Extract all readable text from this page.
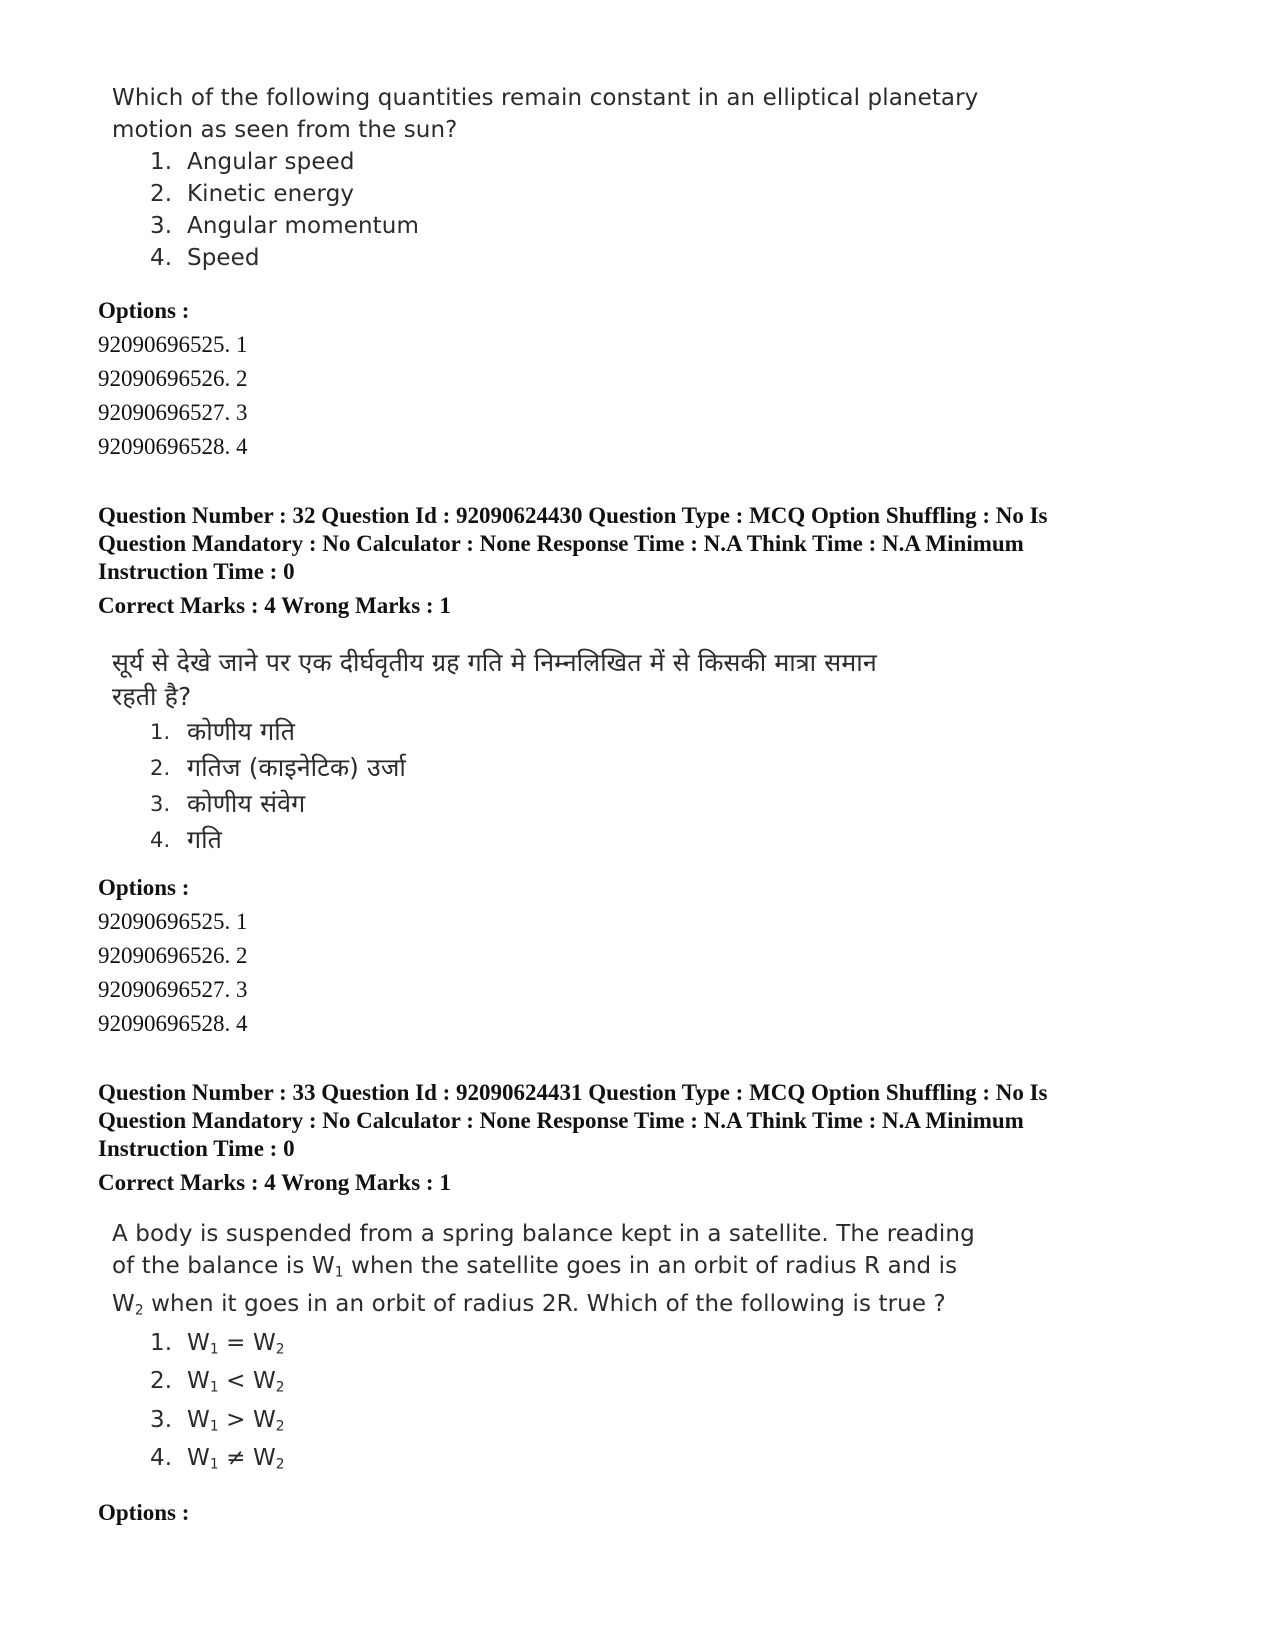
Which of the following quantities remain constant in an elliptical planetary
motion as seen from the sun?
1. Angular speed
2. Kinetic energy
3. Angular momentum
4. Speed
Options :
92090696525. 1
92090696526. 2
92090696527. 3
92090696528. 4
Question Number : 32 Question Id : 92090624430 Question Type : MCQ Option Shuffling : No Is
Question Mandatory : No Calculator : None Response Time : N.A Think Time : N.A Minimum
Instruction Time : 0
Correct Marks : 4 Wrong Marks : 1
सूर्य से देखे जाने पर एक दीर्घवृतीय ग्रह गति मे निम्नलिखित में से किसकी मात्रा समान
रहती है?
1. कोणीय गति
2. गतिज (काइनेटिक) उर्जा
3. कोणीय संवेग
4. गति
Options :
92090696525. 1
92090696526. 2
92090696527. 3
92090696528. 4
Question Number : 33 Question Id : 92090624431 Question Type : MCQ Option Shuffling : No Is
Question Mandatory : No Calculator : None Response Time : N.A Think Time : N.A Minimum
Instruction Time : 0
Correct Marks : 4 Wrong Marks : 1
A body is suspended from a spring balance kept in a satellite. The reading
of the balance is $W_1$ when the satellite goes in an orbit of radius R and is
$W_2$ when it goes in an orbit of radius 2R. Which of the following is true ?
1. $W_1 = W_2$
2. $W_1 < W_2$
3. $W_1 > W_2$
4. $W_1 \ne W_2$
Options :
